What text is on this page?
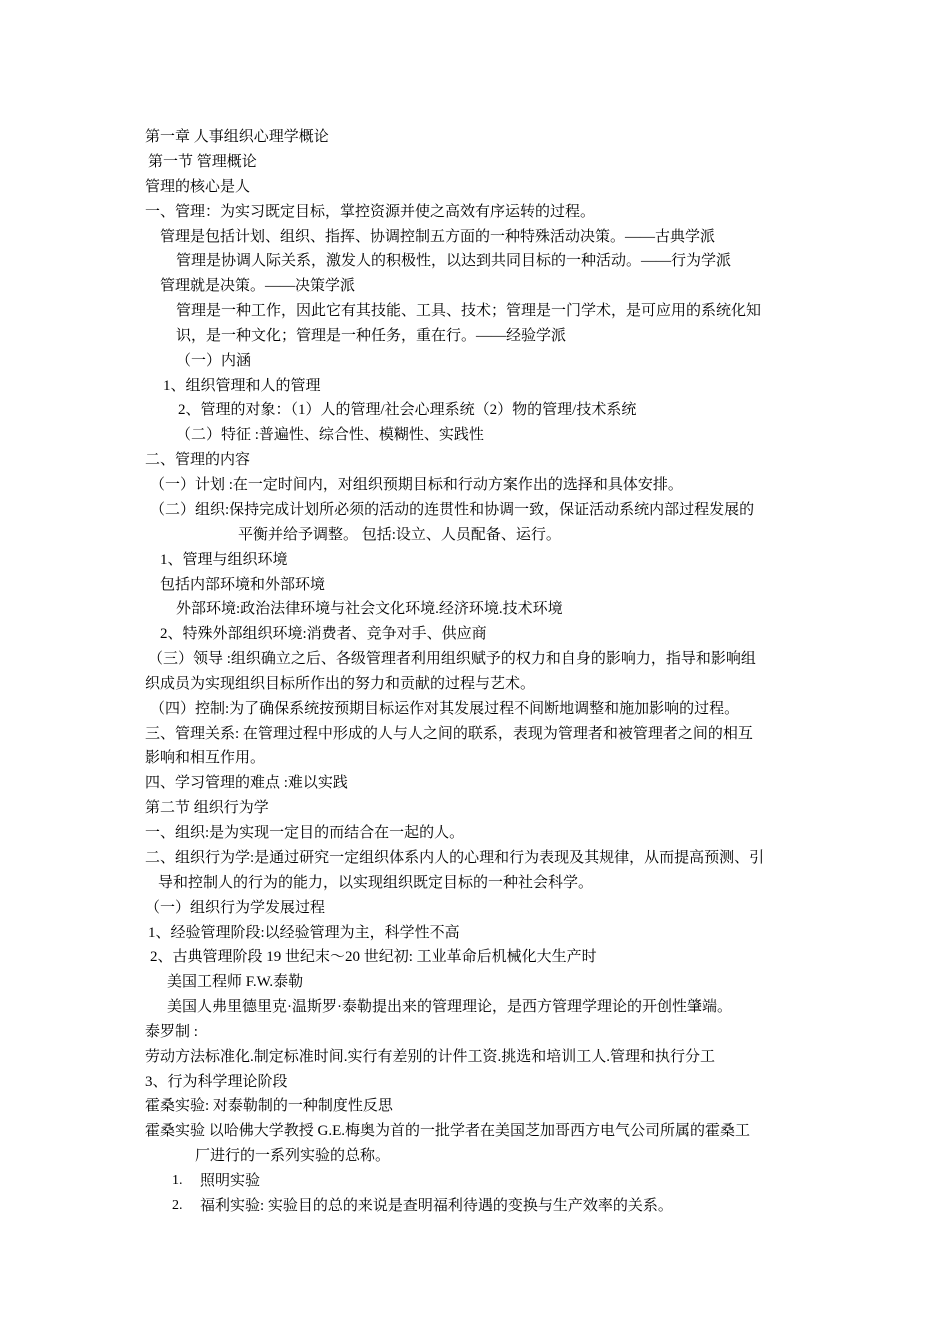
第一章 人事组织心理学概论
第一节 管理概论
管理的核心是人
一、管理：为实习既定目标，掌控资源并使之高效有序运转的过程。
管理是包括计划、组织、指挥、协调控制五方面的一种特殊活动决策。——古典学派
管理是协调人际关系，激发人的积极性，以达到共同目标的一种活动。——行为学派
管理就是决策。——决策学派
管理是一种工作，因此它有其技能、工具、技术；管理是一门学术，是可应用的系统化知
识，是一种文化；管理是一种任务，重在行。——经验学派
（一）内涵
1、组织管理和人的管理
2、管理的对象：（1）人的管理/社会心理系统（2）物的管理/技术系统
（二）特征 :普遍性、综合性、模糊性、实践性
二、管理的内容
（一）计划 :在一定时间内，对组织预期目标和行动方案作出的选择和具体安排。
（二）组织:保持完成计划所必须的活动的连贯性和协调一致，保证活动系统内部过程发展的
平衡并给予调整。 包括:设立、人员配备、运行。
1、管理与组织环境
包括内部环境和外部环境
外部环境:政治法律环境与社会文化环境.经济环境.技术环境
2、特殊外部组织环境:消费者、竞争对手、供应商
（三）领导 :组织确立之后、各级管理者利用组织赋予的权力和自身的影响力，指导和影响组
织成员为实现组织目标所作出的努力和贡献的过程与艺术。
（四）控制:为了确保系统按预期目标运作对其发展过程不间断地调整和施加影响的过程。
三、管理关系: 在管理过程中形成的人与人之间的联系，表现为管理者和被管理者之间的相互
影响和相互作用。
四、学习管理的难点 :难以实践
第二节 组织行为学
一、组织:是为实现一定目的而结合在一起的人。
二、组织行为学:是通过研究一定组织体系内人的心理和行为表现及其规律，从而提高预测、引
导和控制人的行为的能力，以实现组织既定目标的一种社会科学。
（一）组织行为学发展过程
1、经验管理阶段:以经验管理为主，科学性不高
2、古典管理阶段 19 世纪末～20 世纪初: 工业革命后机械化大生产时
美国工程师 F.W.泰勒
美国人弗里德里克·温斯罗·泰勒提出来的管理理论，是西方管理学理论的开创性肇端。
泰罗制 :
劳动方法标准化.制定标准时间.实行有差别的计件工资.挑选和培训工人.管理和执行分工
3、行为科学理论阶段
霍桑实验: 对泰勒制的一种制度性反思
霍桑实验 以哈佛大学教授 G.E.梅奥为首的一批学者在美国芝加哥西方电气公司所属的霍桑工
厂进行的一系列实验的总称。
1. 照明实验
2. 福利实验: 实验目的总的来说是查明福利待遇的变换与生产效率的关系。
